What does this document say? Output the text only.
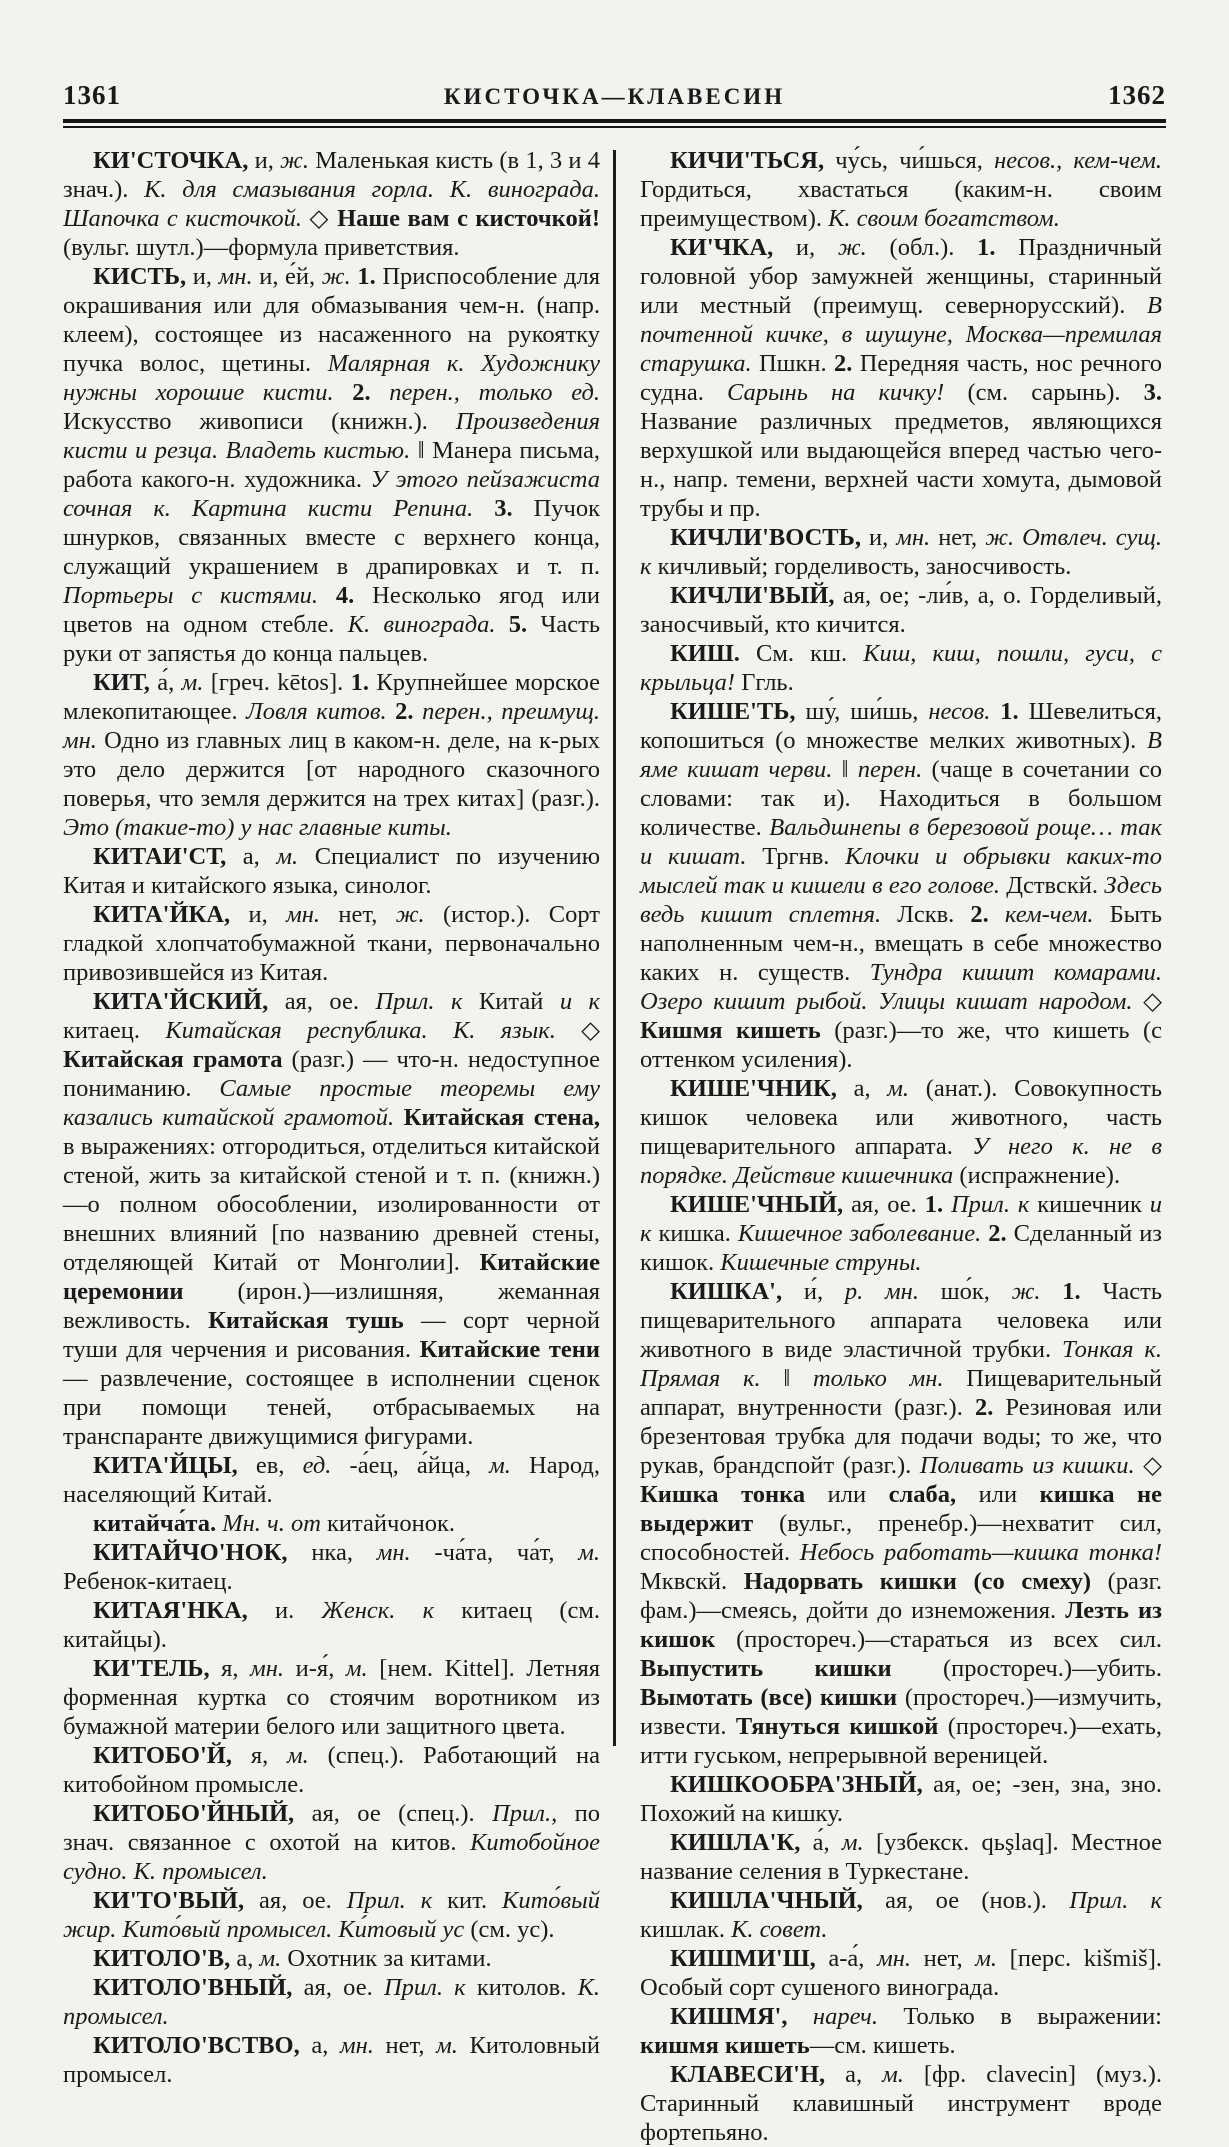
1361	КИСТОЧКА—КЛАВЕСИН	1362

КИ'СТОЧКА, и, ж. Маленькая кисть (в 1, 3 и 4 знач.). К. для смазывания горла. К. винограда. Шапочка с кисточкой. ◇ Наше вам с кисточкой! (вульг. шутл.)—формула приветствия.

КИСТЬ, и, мн. и, е́й, ж. 1. Приспособление для окрашивания или для обмазывания чем-н. (напр. клеем), состоящее из насаженного на рукоятку пучка волос, щетины. Малярная к. Художнику нужны хорошие кисти. 2. перен., только ед. Искусство живописи (книжн.). Произведения кисти и резца. Владеть кистью. ‖ Манера письма, работа какого-н. художника. У этого пейзажиста сочная к. Картина кисти Репина. 3. Пучок шнурков, связанных вместе с верхнего конца, служащий украшением в драпировках и т. п. Портьеры с кистями. 4. Несколько ягод или цветов на одном стебле. К. винограда. 5. Часть руки от запястья до конца пальцев.

КИТ, а́, м. [греч. kētos]. 1. Крупнейшее морское млекопитающее. Ловля китов. 2. перен., преимущ. мн. Одно из главных лиц в каком-н. деле, на к-рых это дело держится [от народного сказочного поверья, что земля держится на трех китах] (разг.). Это (такие-то) у нас главные киты.

КИТАИ'СТ, а, м. Специалист по изучению Китая и китайского языка, синолог.

КИТА'ЙКА, и, мн. нет, ж. (истор.). Сорт гладкой хлопчатобумажной ткани, первоначально привозившейся из Китая.

КИТА'ЙСКИЙ, ая, ое. Прил. к Китай и к китаец. Китайская республика. К. язык. ◇ Китайская грамота (разг.) — что-н. недоступное пониманию. Самые простые теоремы ему казались китайской грамотой. Китайская стена, в выражениях: отгородиться, отделиться китайской стеной, жить за китайской стеной и т. п. (книжн.)—о полном обособлении, изолированности от внешних влияний [по названию древней стены, отделяющей Китай от Монголии]. Китайские церемонии (ирон.)—излишняя, жеманная вежливость. Китайская тушь — сорт черной туши для черчения и рисования. Китайские тени — развлечение, состоящее в исполнении сценок при помощи теней, отбрасываемых на транспаранте движущимися фигурами.

КИТА'ЙЦЫ, ев, ед. -а́ец, а́йца, м. Народ, населяющий Китай.

китайча́та. Мн. ч. от китайчонок.

КИТАЙЧО'НОК, нка, мн. -ча́та, ча́т, м. Ребенок-китаец.

КИТАЯ'НКА, и. Женск. к китаец (см. китайцы).

КИ'ТЕЛЬ, я, мн. и-я́, м. [нем. Kittel]. Летняя форменная куртка со стоячим воротником из бумажной материи белого или защитного цвета.

КИТОБО'Й, я, м. (спец.). Работающий на китобойном промысле.

КИТОБО'ЙНЫЙ, ая, ое (спец.). Прил., по знач. связанное с охотой на китов. Китобойное судно. К. промысел.

КИ'ТО'ВЫЙ, ая, ое. Прил. к кит. Кито́вый жир. Кито́вый промысел. Ки́товый ус (см. ус).

КИТОЛО'В, а, м. Охотник за китами.

КИТОЛО'ВНЫЙ, ая, ое. Прил. к китолов. К. промысел.

КИТОЛО'ВСТВО, а, мн. нет, м. Китоловный промысел.

КИЧИ'ТЬСЯ, чу́сь, чи́шься, несов., кем-чем. Гордиться, хвастаться (каким-н. своим преимуществом). К. своим богатством.

КИ'ЧКА, и, ж. (обл.). 1. Праздничный головной убор замужней женщины, старинный или местный (преимущ. севернорусский). В почтенной кичке, в шушуне, Москва—премилая старушка. Пшкн. 2. Передняя часть, нос речного судна. Сарынь на кичку! (см. сарынь). 3. Название различных предметов, являющихся верхушкой или выдающейся вперед частью чего-н., напр. темени, верхней части хомута, дымовой трубы и пр.

КИЧЛИ'ВОСТЬ, и, мн. нет, ж. Отвлеч. сущ. к кичливый; горделивость, заносчивость.

КИЧЛИ'ВЫЙ, ая, ое; -ли́в, а, о. Горделивый, заносчивый, кто кичится.

КИШ. См. кш. Киш, киш, пошли, гуси, с крыльца! Ггль.

КИШЕ'ТЬ, шу́, ши́шь, несов. 1. Шевелиться, копошиться (о множестве мелких животных). В яме кишат черви. ‖ перен. (чаще в сочетании со словами: так и). Находиться в большом количестве. Вальдшнепы в березовой роще… так и кишат. Тргнв. Клочки и обрывки каких-то мыслей так и кишели в его голове. Дствскй. Здесь ведь кишит сплетня. Лскв. 2. кем-чем. Быть наполненным чем-н., вмещать в себе множество каких н. существ. Тундра кишит комарами. Озеро кишит рыбой. Улицы кишат народом. ◇ Кишмя кишеть (разг.)—то же, что кишеть (с оттенком усиления).

КИШЕ'ЧНИК, а, м. (анат.). Совокупность кишок человека или животного, часть пищеварительного аппарата. У него к. не в порядке. Действие кишечника (испражнение).

КИШЕ'ЧНЫЙ, ая, ое. 1. Прил. к кишечник и к кишка. Кишечное заболевание. 2. Сделанный из кишок. Кишечные струны.

КИШКА', и́, р. мн. шо́к, ж. 1. Часть пищеварительного аппарата человека или животного в виде эластичной трубки. Тонкая к. Прямая к. ‖ только мн. Пищеварительный аппарат, внутренности (разг.). 2. Резиновая или брезентовая трубка для подачи воды; то же, что рукав, брандспойт (разг.). Поливать из кишки. ◇ Кишка тонка или слаба, или кишка не выдержит (вульг., пренебр.)—нехватит сил, способностей. Небось работать—кишка тонка! Мквскй. Надорвать кишки (со смеху) (разг. фам.)—смеясь, дойти до изнеможения. Лезть из кишок (простореч.)—стараться из всех сил. Выпустить кишки (простореч.)—убить. Вымотать (все) кишки (простореч.)—измучить, извести. Тянуться кишкой (простореч.)—ехать, итти гуськом, непрерывной вереницей.

КИШКООБРА'ЗНЫЙ, ая, ое; -зен, зна, зно. Похожий на кишку.

КИШЛА'К, а́, м. [узбекск. qьşlaq]. Местное название селения в Туркестане.

КИШЛА'ЧНЫЙ, ая, ое (нов.). Прил. к кишлак. К. совет.

КИШМИ'Ш, а-а́, мн. нет, м. [перс. kišmiš]. Особый сорт сушеного винограда.

КИШМЯ', нареч. Только в выражении: кишмя кишеть—см. кишеть.

КЛАВЕСИ'Н, а, м. [фр. clavecin] (муз.). Старинный клавишный инструмент вроде фортепьяно.
